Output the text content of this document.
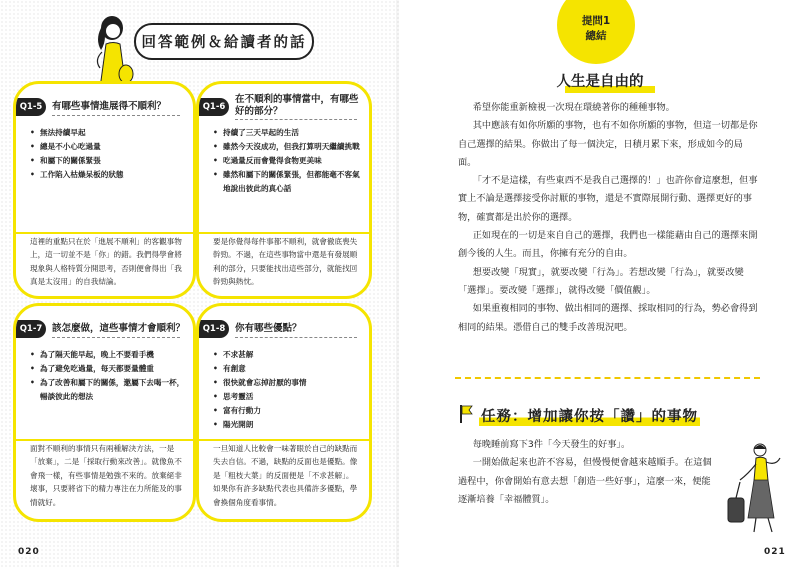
回答範例＆給讀者的話
Q1-5	有哪些事情進展得不順利？
• 無法持續早起
• 總是不小心吃過量
• 和屬下的關係緊張
• 工作陷入枯燥呆板的狀態
這裡的重點只在於「進展不順利」的客觀事物上，這一切並不是「你」的錯。我們得學會將現象與人格特質分開思考，否則便會得出「我真是太沒用」的自我結論。
Q1-6
在不順利的事情當中，有哪些好的部分？
• 持續了三天早起的生活
• 雖然今天沒成功，但我打算明天繼續挑戰
• 吃過量反而會覺得食物更美味
• 雖然和屬下的關係緊張，但都能毫不客氣地說出彼此的真心話
要是你覺得每件事都不順利，就會徹底喪失幹勁。不過，在這些事物當中還是有發展順利的部分，只要能找出這些部分，就能找回幹勁與熱忱。
Q1-7	該怎麼做，這些事情才會順利？
• 為了隔天能早起，晚上不要看手機
• 為了避免吃過量，每天都要量體重
• 為了改善和屬下的關係，邀屬下去喝一杯，暢談彼此的想法
面對不順利的事情只有兩種解決方法，一是「放棄」，二是「採取行動來改善」。就像魚不會飛一樣，有些事情是勉強不來的。放棄絕非壞事，只要將省下的精力專注在力所能及的事情就好。
Q1-8	你有哪些優點？
• 不求甚解
• 有創意
• 很快就會忘掉討厭的事情
• 思考靈活
• 富有行動力
• 陽光開朗
一旦知道人比較會一味著眼於自己的缺點而失去自信。不過，缺點的反面也是優點。像是「粗枝大葉」的反面便是「不求甚解」。如果你有許多缺點代表也具備許多優點，學會換個角度看事情。
020
提問1
總結
人生是自由的

希望你能重新檢視一次現在環繞著你的種種事物。

其中應該有如你所願的事物，也有不如你所願的事物，但這一切都是你自己選擇的結果。你做出了每一個決定，日積月累下來，形成如今的局面。

「才不是這樣，有些東西不是我自己選擇的！」也許你會這麼想，但事實上不論是選擇接受你討厭的事物，還是不實際展開行動、選擇更好的事物，確實都是出於你的選擇。

正如現在的一切是來自自己的選擇，我們也一樣能藉由自己的選擇來開創今後的人生。而且，你擁有充分的自由。

想要改變「現實」，就要改變「行為」。若想改變「行為」，就要改變「選擇」。要改變「選擇」，就得改變「價值觀」。

如果重複相同的事物、做出相同的選擇、採取相同的行為，勢必會得到相同的結果。憑借自己的雙手改善現況吧。

任務：增加讓你按「讚」的事物

每晚睡前寫下3件「今天發生的好事」。

一開始做起來也許不容易，但慢慢便會越來越順手。在這個過程中，你會開始有意去想「創造一些好事」，這麼一來，便能逐漸培養「幸福體質」。

021
